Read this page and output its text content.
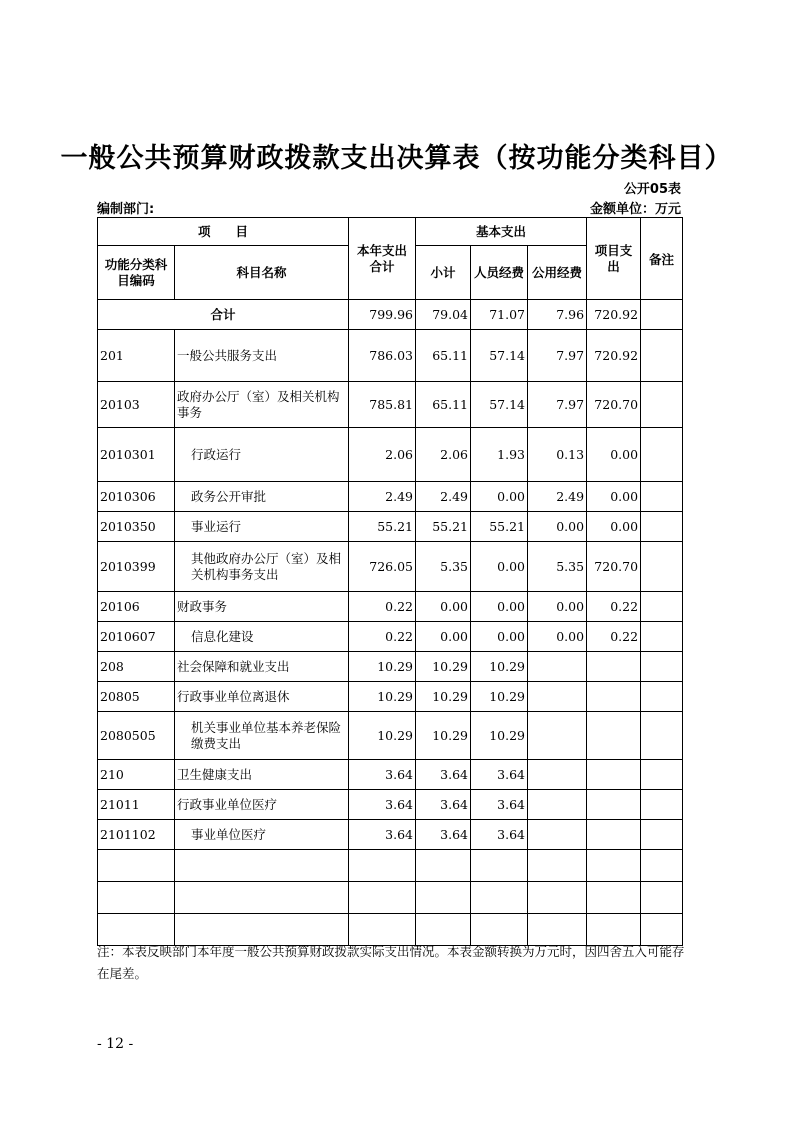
一般公共预算财政拨款支出决算表（按功能分类科目）
公开05表
编制部门:	金额单位：万元
项　　目		本年支出合计	基本支出			项目支出	备注
功能分类科目编码	科目名称		小计	人员经费	公用经费		
合计		799.96	79.04	71.07	7.96	720.92	
201	一般公共服务支出	786.03	65.11	57.14	7.97	720.92	
20103	政府办公厅（室）及相关机构事务	785.81	65.11	57.14	7.97	720.70	
2010301	行政运行	2.06	2.06	1.93	0.13	0.00	
2010306	政务公开审批	2.49	2.49	0.00	2.49	0.00	
2010350	事业运行	55.21	55.21	55.21	0.00	0.00	
2010399	其他政府办公厅（室）及相关机构事务支出	726.05	5.35	0.00	5.35	720.70	
20106	财政事务	0.22	0.00	0.00	0.00	0.22	
2010607	信息化建设	0.22	0.00	0.00	0.00	0.22	
208	社会保障和就业支出	10.29	10.29	10.29			
20805	行政事业单位离退休	10.29	10.29	10.29			
2080505	机关事业单位基本养老保险缴费支出	10.29	10.29	10.29			
210	卫生健康支出	3.64	3.64	3.64			
21011	行政事业单位医疗	3.64	3.64	3.64			
2101102	事业单位医疗	3.64	3.64	3.64			

注：本表反映部门本年度一般公共预算财政拨款实际支出情况。本表金额转换为万元时，因四舍五入可能存在尾差。
- 12 -
